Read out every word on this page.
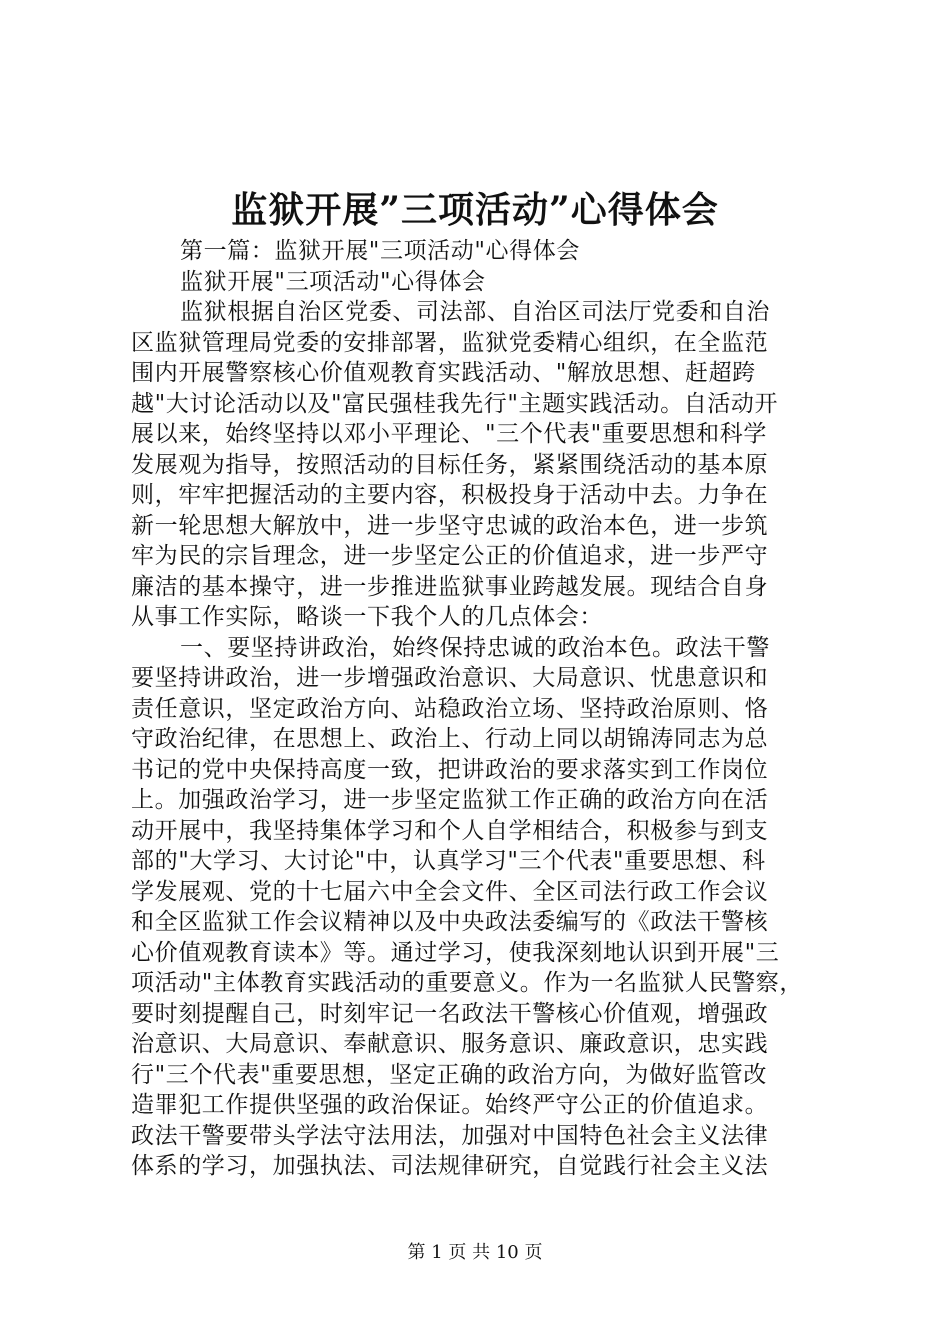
监狱开展”三项活动”心得体会
第一篇：监狱开展"三项活动"心得体会
监狱开展"三项活动"心得体会
监狱根据自治区党委、司法部、自治区司法厅党委和自治
区监狱管理局党委的安排部署，监狱党委精心组织，在全监范
围内开展警察核心价值观教育实践活动、"解放思想、赶超跨
越"大讨论活动以及"富民强桂我先行"主题实践活动。自活动开
展以来，始终坚持以邓小平理论、"三个代表"重要思想和科学
发展观为指导，按照活动的目标任务，紧紧围绕活动的基本原
则，牢牢把握活动的主要内容，积极投身于活动中去。力争在
新一轮思想大解放中，进一步坚守忠诚的政治本色，进一步筑
牢为民的宗旨理念，进一步坚定公正的价值追求，进一步严守
廉洁的基本操守，进一步推进监狱事业跨越发展。现结合自身
从事工作实际，略谈一下我个人的几点体会：
一、要坚持讲政治，始终保持忠诚的政治本色。政法干警
要坚持讲政治，进一步增强政治意识、大局意识、忧患意识和
责任意识，坚定政治方向、站稳政治立场、坚持政治原则、恪
守政治纪律，在思想上、政治上、行动上同以胡锦涛同志为总
书记的党中央保持高度一致，把讲政治的要求落实到工作岗位
上。加强政治学习，进一步坚定监狱工作正确的政治方向在活
动开展中，我坚持集体学习和个人自学相结合，积极参与到支
部的"大学习、大讨论"中，认真学习"三个代表"重要思想、科
学发展观、党的十七届六中全会文件、全区司法行政工作会议
和全区监狱工作会议精神以及中央政法委编写的《政法干警核
心价值观教育读本》等。通过学习，使我深刻地认识到开展"三
项活动"主体教育实践活动的重要意义。作为一名监狱人民警察，
要时刻提醒自己，时刻牢记一名政法干警核心价值观，增强政
治意识、大局意识、奉献意识、服务意识、廉政意识，忠实践
行"三个代表"重要思想，坚定正确的政治方向，为做好监管改
造罪犯工作提供坚强的政治保证。始终严守公正的价值追求。
政法干警要带头学法守法用法，加强对中国特色社会主义法律
体系的学习，加强执法、司法规律研究，自觉践行社会主义法
第 1 页 共 10 页
